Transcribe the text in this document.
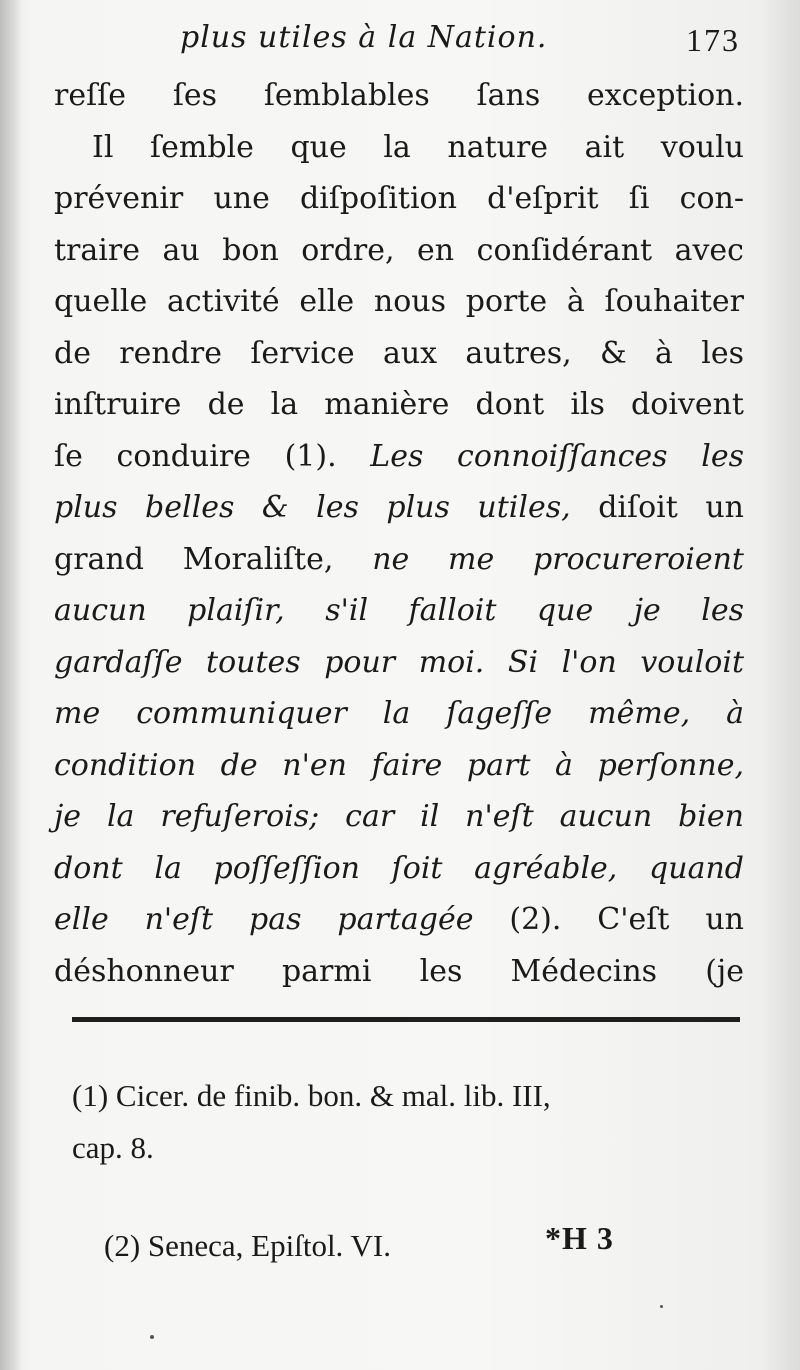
plus utiles à la Nation.	173
reſſe ſes ſemblables ſans exception.
Il ſemble que la nature ait voulu
prévenir une diſpoſition d'eſprit ſi con-
traire au bon ordre, en conſidérant avec
quelle activité elle nous porte à ſouhaiter
de rendre ſervice aux autres, & à les
inſtruire de la manière dont ils doivent
ſe conduire (1). Les connoiſſances les
plus belles & les plus utiles, diſoit un
grand Moraliſte, ne me procureroient
aucun plaiſir, s'il falloit que je les
gardaſſe toutes pour moi. Si l'on vouloit
me communiquer la ſageſſe même, à
condition de n'en faire part à perſonne,
je la refuſerois; car il n'eſt aucun bien
dont la poſſeſſion ſoit agréable, quand
elle n'eſt pas partagée (2). C'eſt un
déshonneur parmi les Médecins (je
(1) Cicer. de finib. bon. & mal. lib. III,
cap. 8.
(2) Seneca, Epiſtol. VI.	*H 3
